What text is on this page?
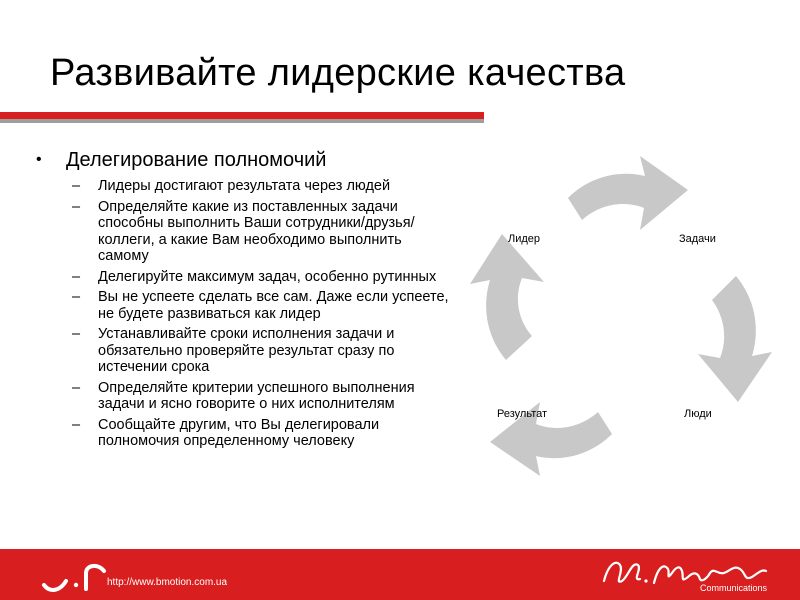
Развивайте лидерские качества
•	Делегирование полномочий
–	Лидеры достигают результата через людей
–	Определяйте какие из поставленных задачи способны выполнить Ваши сотрудники/друзья/коллеги, а какие Вам необходимо выполнить самому
–	Делегируйте максимум задач, особенно рутинных
–	Вы не успеете сделать все сам. Даже если успеете, не будете развиваться как лидер
–	Устанавливайте сроки исполнения задачи и обязательно проверяйте результат сразу по истечении срока
–	Определяйте критерии успешного выполнения задачи и ясно говорите о них исполнителям
–	Сообщайте другим, что Вы делегировали полномочия определенному человеку
Лидер	Задачи
Люди
Результат
http://www.bmotion.com.ua	Communications
